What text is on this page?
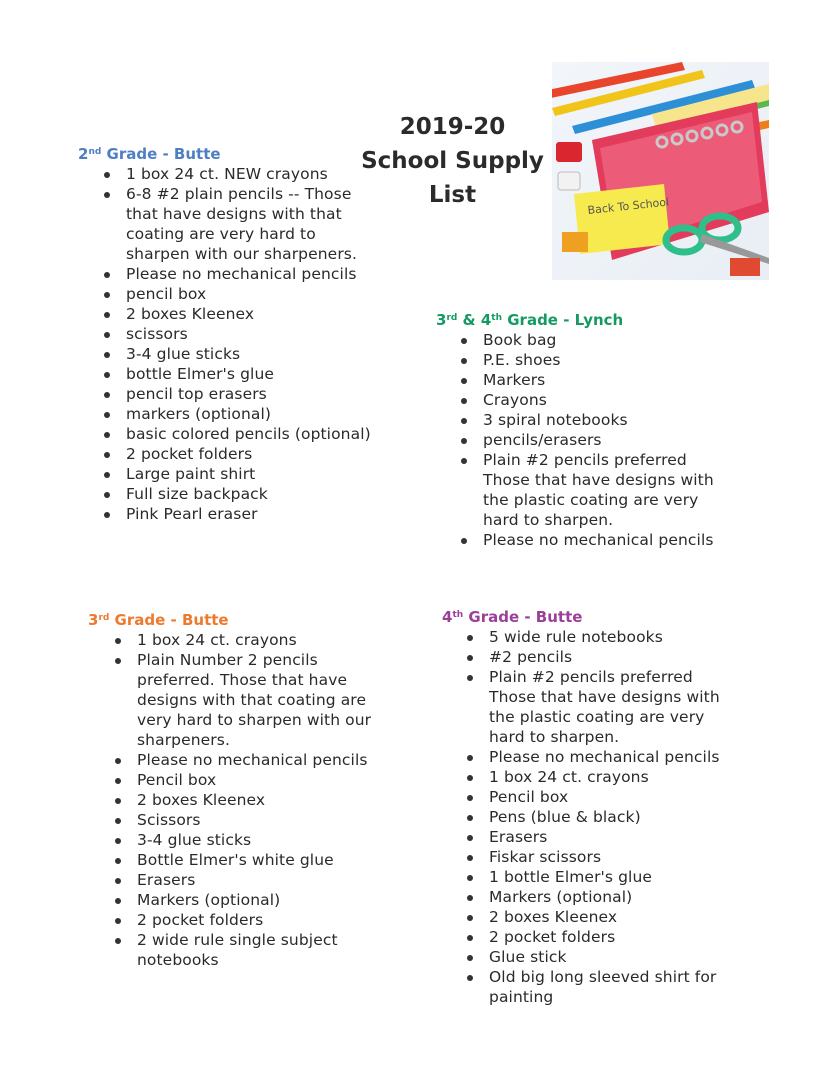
2019-20
School Supply
List	Back To School
2nd Grade - Butte
1 box 24 ct. NEW crayons
6-8 #2 plain pencils -- Those that have designs with that coating are very hard to sharpen with our sharpeners.
Please no mechanical pencils
pencil box
2 boxes Kleenex
scissors
3-4 glue sticks
bottle Elmer's glue
pencil top erasers
markers (optional)
basic colored pencils (optional)
2 pocket folders
Large paint shirt
Full size backpack
Pink Pearl eraser
3rd & 4th Grade - Lynch
Book bag
P.E. shoes
Markers
Crayons
3 spiral notebooks
pencils/erasers
Plain #2 pencils preferred Those that have designs with the plastic coating are very hard to sharpen.
Please no mechanical pencils
3rd Grade - Butte
1 box 24 ct. crayons
Plain Number 2 pencils preferred. Those that have designs with that coating are very hard to sharpen with our sharpeners.
Please no mechanical pencils
Pencil box
2 boxes Kleenex
Scissors
3-4 glue sticks
Bottle Elmer's white glue
Erasers
Markers (optional)
2 pocket folders
2 wide rule single subject notebooks
4th Grade - Butte
5 wide rule notebooks
#2 pencils
Plain #2 pencils preferred Those that have designs with the plastic coating are very hard to sharpen.
Please no mechanical pencils
1 box 24 ct. crayons
Pencil box
Pens (blue & black)
Erasers
Fiskar scissors
1 bottle Elmer's glue
Markers (optional)
2 boxes Kleenex
2 pocket folders
Glue stick
Old big long sleeved shirt for painting
